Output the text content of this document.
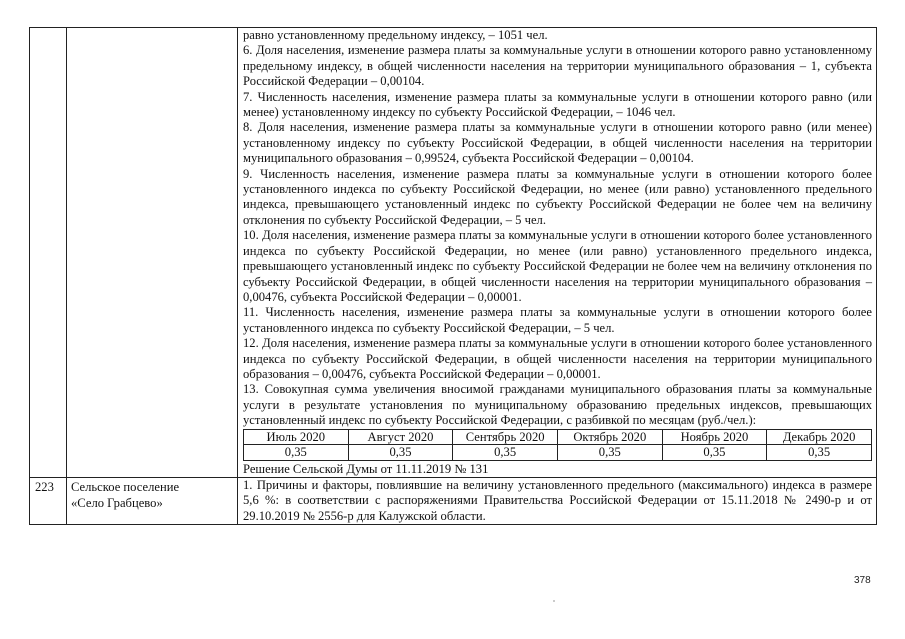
равно установленному предельному индексу, – 1051 чел.

6. Доля населения, изменение размера платы за коммунальные услуги в отношении которого равно установленному предельному индексу, в общей численности населения на территории муниципального образования – 1, субъекта Российской Федерации – 0,00104.

7. Численность населения, изменение размера платы за коммунальные услуги в отношении которого равно (или менее) установленному индексу по субъекту Российской Федерации, – 1046 чел.

8. Доля населения, изменение размера платы за коммунальные услуги в отношении которого равно (или менее) установленному индексу по субъекту Российской Федерации, в общей численности населения на территории муниципального образования – 0,99524, субъекта Российской Федерации – 0,00104.

9. Численность населения, изменение размера платы за коммунальные услуги в отношении которого более установленного индекса по субъекту Российской Федерации, но менее (или равно) установленного предельного индекса, превышающего установленный индекс по субъекту Российской Федерации не более чем на величину отклонения по субъекту Российской Федерации, – 5 чел.

10. Доля населения, изменение размера платы за коммунальные услуги в отношении которого более установленного индекса по субъекту Российской Федерации, но менее (или равно) установленного предельного индекса, превышающего установленный индекс по субъекту Российской Федерации не более чем на величину отклонения по субъекту Российской Федерации, в общей численности населения на территории муниципального образования – 0,00476, субъекта Российской Федерации – 0,00001.

11. Численность населения, изменение размера платы за коммунальные услуги в отношении которого более установленного индекса по субъекту Российской Федерации, – 5 чел.

12. Доля населения, изменение размера платы за коммунальные услуги в отношении которого более установленного индекса по субъекту Российской Федерации, в общей численности населения на территории муниципального образования – 0,00476, субъекта Российской Федерации – 0,00001.

13. Совокупная сумма увеличения вносимой гражданами муниципального образования платы за коммунальные услуги в результате установления по муниципальному образованию предельных индексов, превышающих установленный индекс по субъекту Российской Федерации, с разбивкой по месяцам (руб./чел.):

Июль 2020	Август 2020	Сентябрь 2020	Октябрь 2020	Ноябрь 2020	Декабрь 2020
0,35	0,35	0,35	0,35	0,35	0,35

Решение Сельской Думы от 11.11.2019 № 131

223	Сельское поселение
«Село Грабцево»

1. Причины и факторы, повлиявшие на величину установленного предельного (максимального) индекса в размере 5,6 %: в соответствии с распоряжениями Правительства Российской Федерации от 15.11.2018 № 2490-р и от 29.10.2019 № 2556-р для Калужской области.

378
